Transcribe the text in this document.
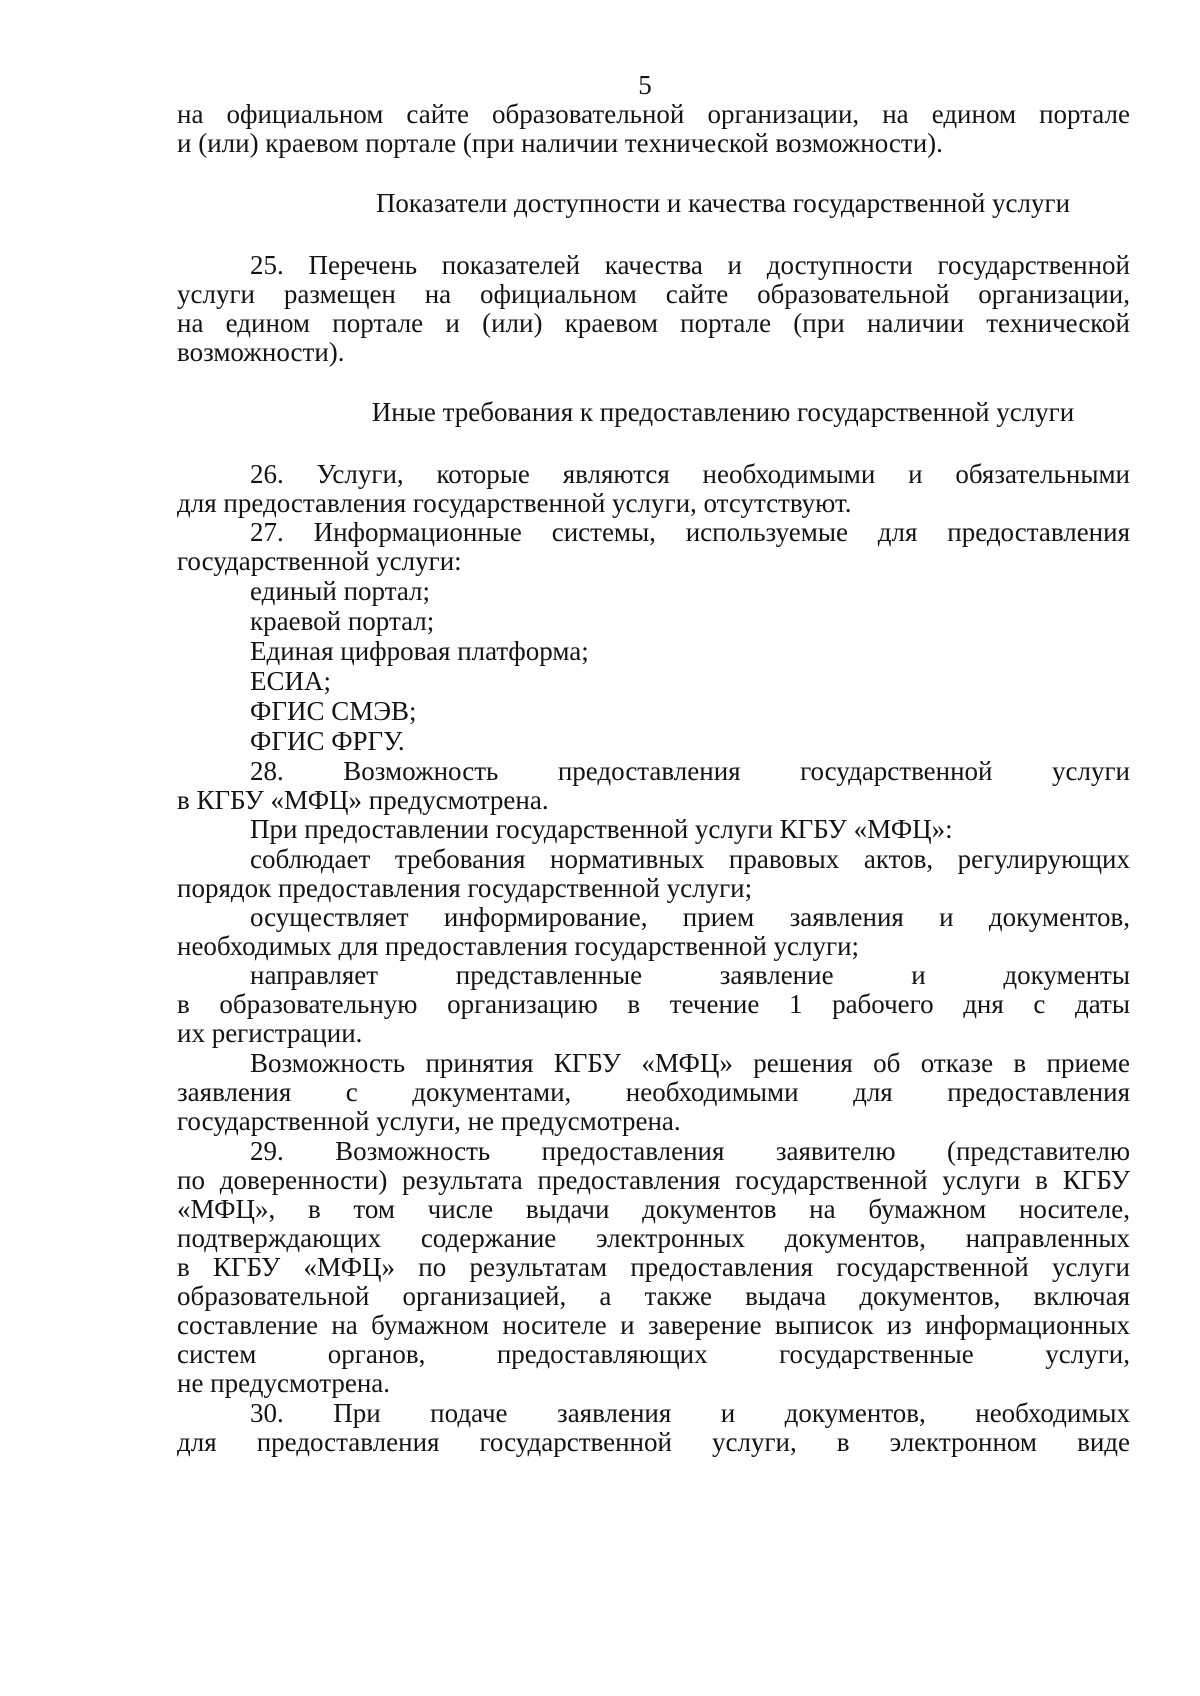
5
на официальном сайте образовательной организации, на едином портале
и (или) краевом портале (при наличии технической возможности).
Показатели доступности и качества государственной услуги
25. Перечень показателей качества и доступности государственной
услуги размещен на официальном сайте образовательной организации,
на едином портале и (или) краевом портале (при наличии технической
возможности).
Иные требования к предоставлению государственной услуги
26. Услуги, которые являются необходимыми и обязательными
для предоставления государственной услуги, отсутствуют.
27. Информационные системы, используемые для предоставления
государственной услуги:
единый портал;
краевой портал;
Единая цифровая платформа;
ЕСИА;
ФГИС СМЭВ;
ФГИС ФРГУ.
28. Возможность предоставления государственной услуги
в КГБУ «МФЦ» предусмотрена.
При предоставлении государственной услуги КГБУ «МФЦ»:
соблюдает требования нормативных правовых актов, регулирующих
порядок предоставления государственной услуги;
осуществляет информирование, прием заявления и документов,
необходимых для предоставления государственной услуги;
направляет представленные заявление и документы
в образовательную организацию в течение 1 рабочего дня с даты
их регистрации.
Возможность принятия КГБУ «МФЦ» решения об отказе в приеме
заявления с документами, необходимыми для предоставления
государственной услуги, не предусмотрена.
29. Возможность предоставления заявителю (представителю
по доверенности) результата предоставления государственной услуги в КГБУ
«МФЦ», в том числе выдачи документов на бумажном носителе,
подтверждающих содержание электронных документов, направленных
в КГБУ «МФЦ» по результатам предоставления государственной услуги
образовательной организацией, а также выдача документов, включая
составление на бумажном носителе и заверение выписок из информационных
систем органов, предоставляющих государственные услуги,
не предусмотрена.
30. При подаче заявления и документов, необходимых
для предоставления государственной услуги, в электронном виде
